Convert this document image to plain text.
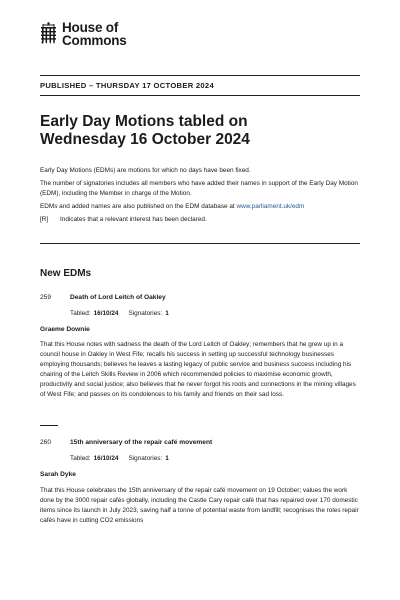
House of
Commons
PUBLISHED – THURSDAY 17 OCTOBER 2024
Early Day Motions tabled on
Wednesday 16 October 2024

Early Day Motions (EDMs) are motions for which no days have been fixed.

The number of signatories includes all members who have added their names in support of the Early Day Motion (EDM), including the Member in charge of the Motion.

EDMs and added names are also published on the EDM database at www.parliament.uk/edm

[R] Indicates that a relevant interest has been declared.

New EDMs
259	Death of Lord Leitch of Oakley
Tabled: 16/10/24 Signatories: 1
Graeme Downie
That this House notes with sadness the death of the Lord Leitch of Oakley; remembers that he grew up in a council house in Oakley in West Fife; recalls his success in setting up successful technology businesses employing thousands; believes he leaves a lasting legacy of public service and business success including his chairing of the Leitch Skills Review in 2006 which recommended policies to maximise economic growth, productivity and social justice; also believes that he never forgot his roots and connections in the mining villages of West Fife; and passes on its condolences to his family and friends on their sad loss.
260	15th anniversary of the repair café movement
Tabled: 16/10/24 Signatories: 1
Sarah Dyke
That this House celebrates the 15th anniversary of the repair café movement on 19 October; values the work done by the 3000 repair cafés globally, including the Castle Cary repair café that has repaired over 170 domestic items since its launch in July 2023, saving half a tonne of potential waste from landfill; recognises the roles repair cafés have in cutting CO2 emissions
